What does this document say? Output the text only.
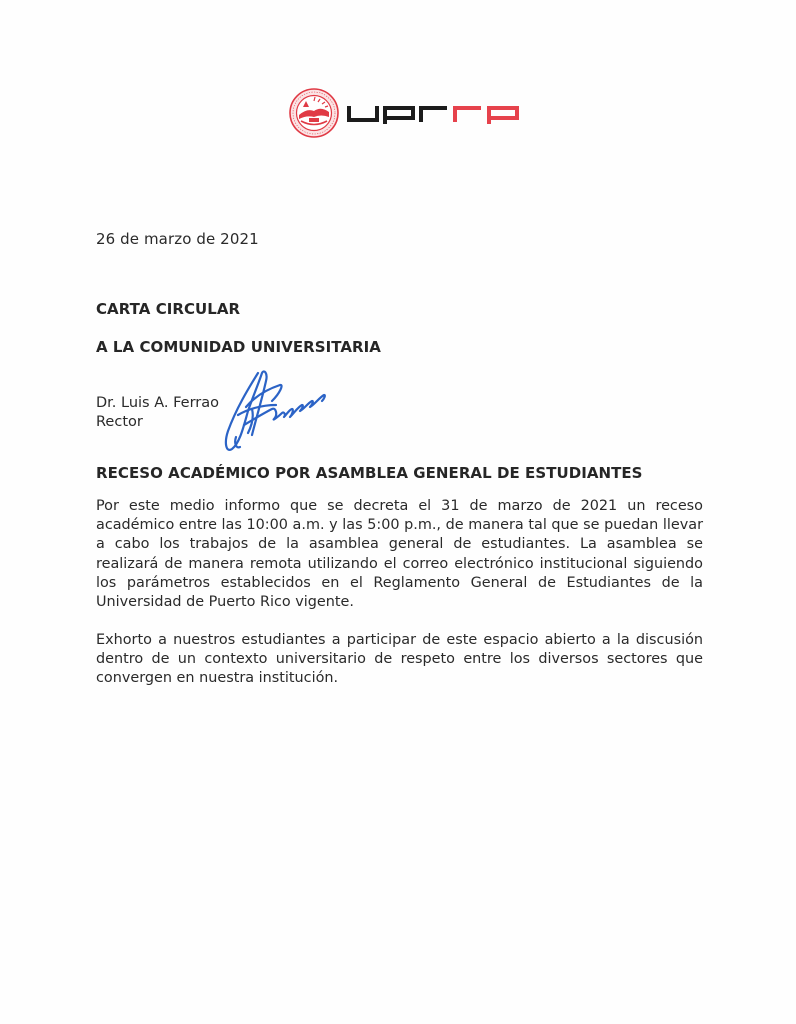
26 de marzo de 2021
CARTA CIRCULAR
A LA COMUNIDAD UNIVERSITARIA
Dr. Luis A. Ferrao
Rector
RECESO ACADÉMICO POR ASAMBLEA GENERAL DE ESTUDIANTES

Por este medio informo que se decreta el 31 de marzo de 2021 un receso académico entre las 10:00 a.m. y las 5:00 p.m., de manera tal que se puedan llevar a cabo los trabajos de la asamblea general de estudiantes. La asamblea se realizará de manera remota utilizando el correo electrónico institucional siguiendo los parámetros establecidos en el Reglamento General de Estudiantes de la Universidad de Puerto Rico vigente.

Exhorto a nuestros estudiantes a participar de este espacio abierto a la discusión dentro de un contexto universitario de respeto entre los diversos sectores que convergen en nuestra institución.
